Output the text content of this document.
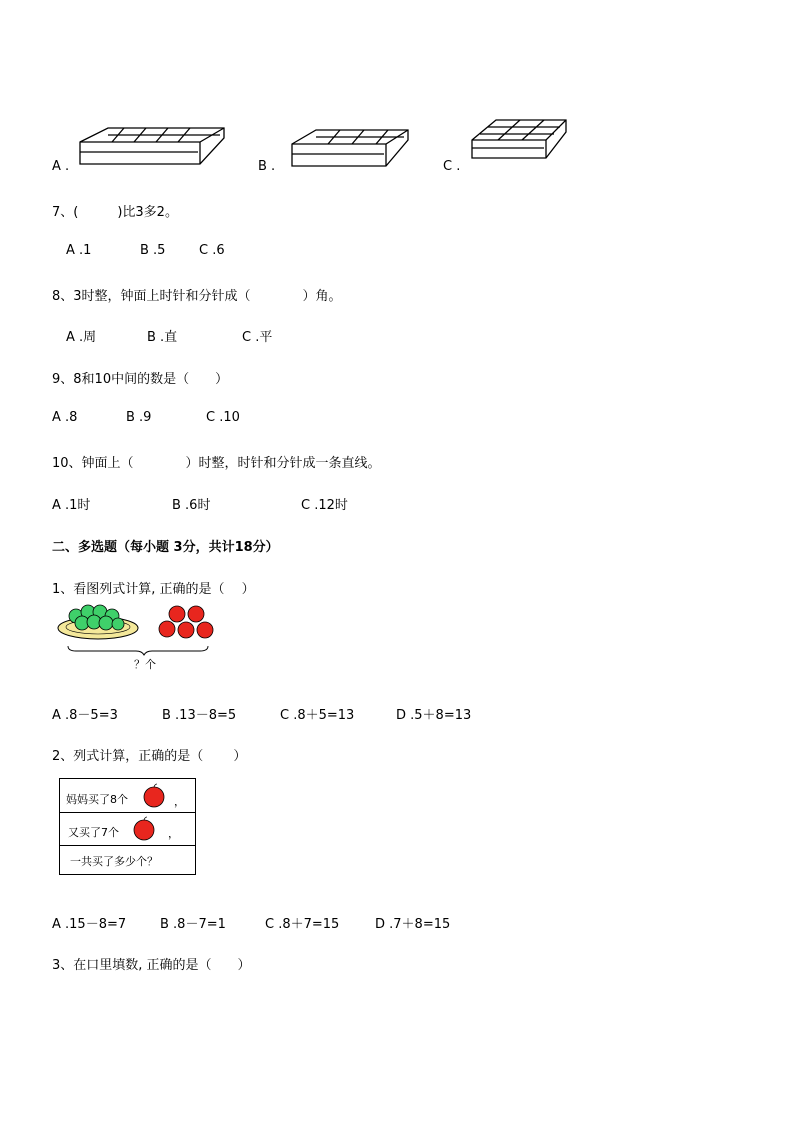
A .	B .	C .
7、(　　　)比3多2。
A .1	B .5	C .6
8、3时整，钟面上时针和分针成（　　　　）角。
A .周	B .直	C .平
9、8和10中间的数是（　　）
A .8	B .9	C .10
10、钟面上（　　　　）时整，时针和分针成一条直线。
A .1时	B .6时	C .12时
二、多选题（每小题 3分，共计18分）
1、看图列式计算, 正确的是（　 ）
？个
A .8－5=3	B .13－8=5	C .8＋5=13	D .5＋8=13
2、列式计算，正确的是（　　 ）
妈妈买了8个	，
又买了7个	，
一共买了多少个？
A .15－8=7	B .8－7=1	C .8＋7=15	D .7＋8=15
3、在口里填数, 正确的是（　　）
